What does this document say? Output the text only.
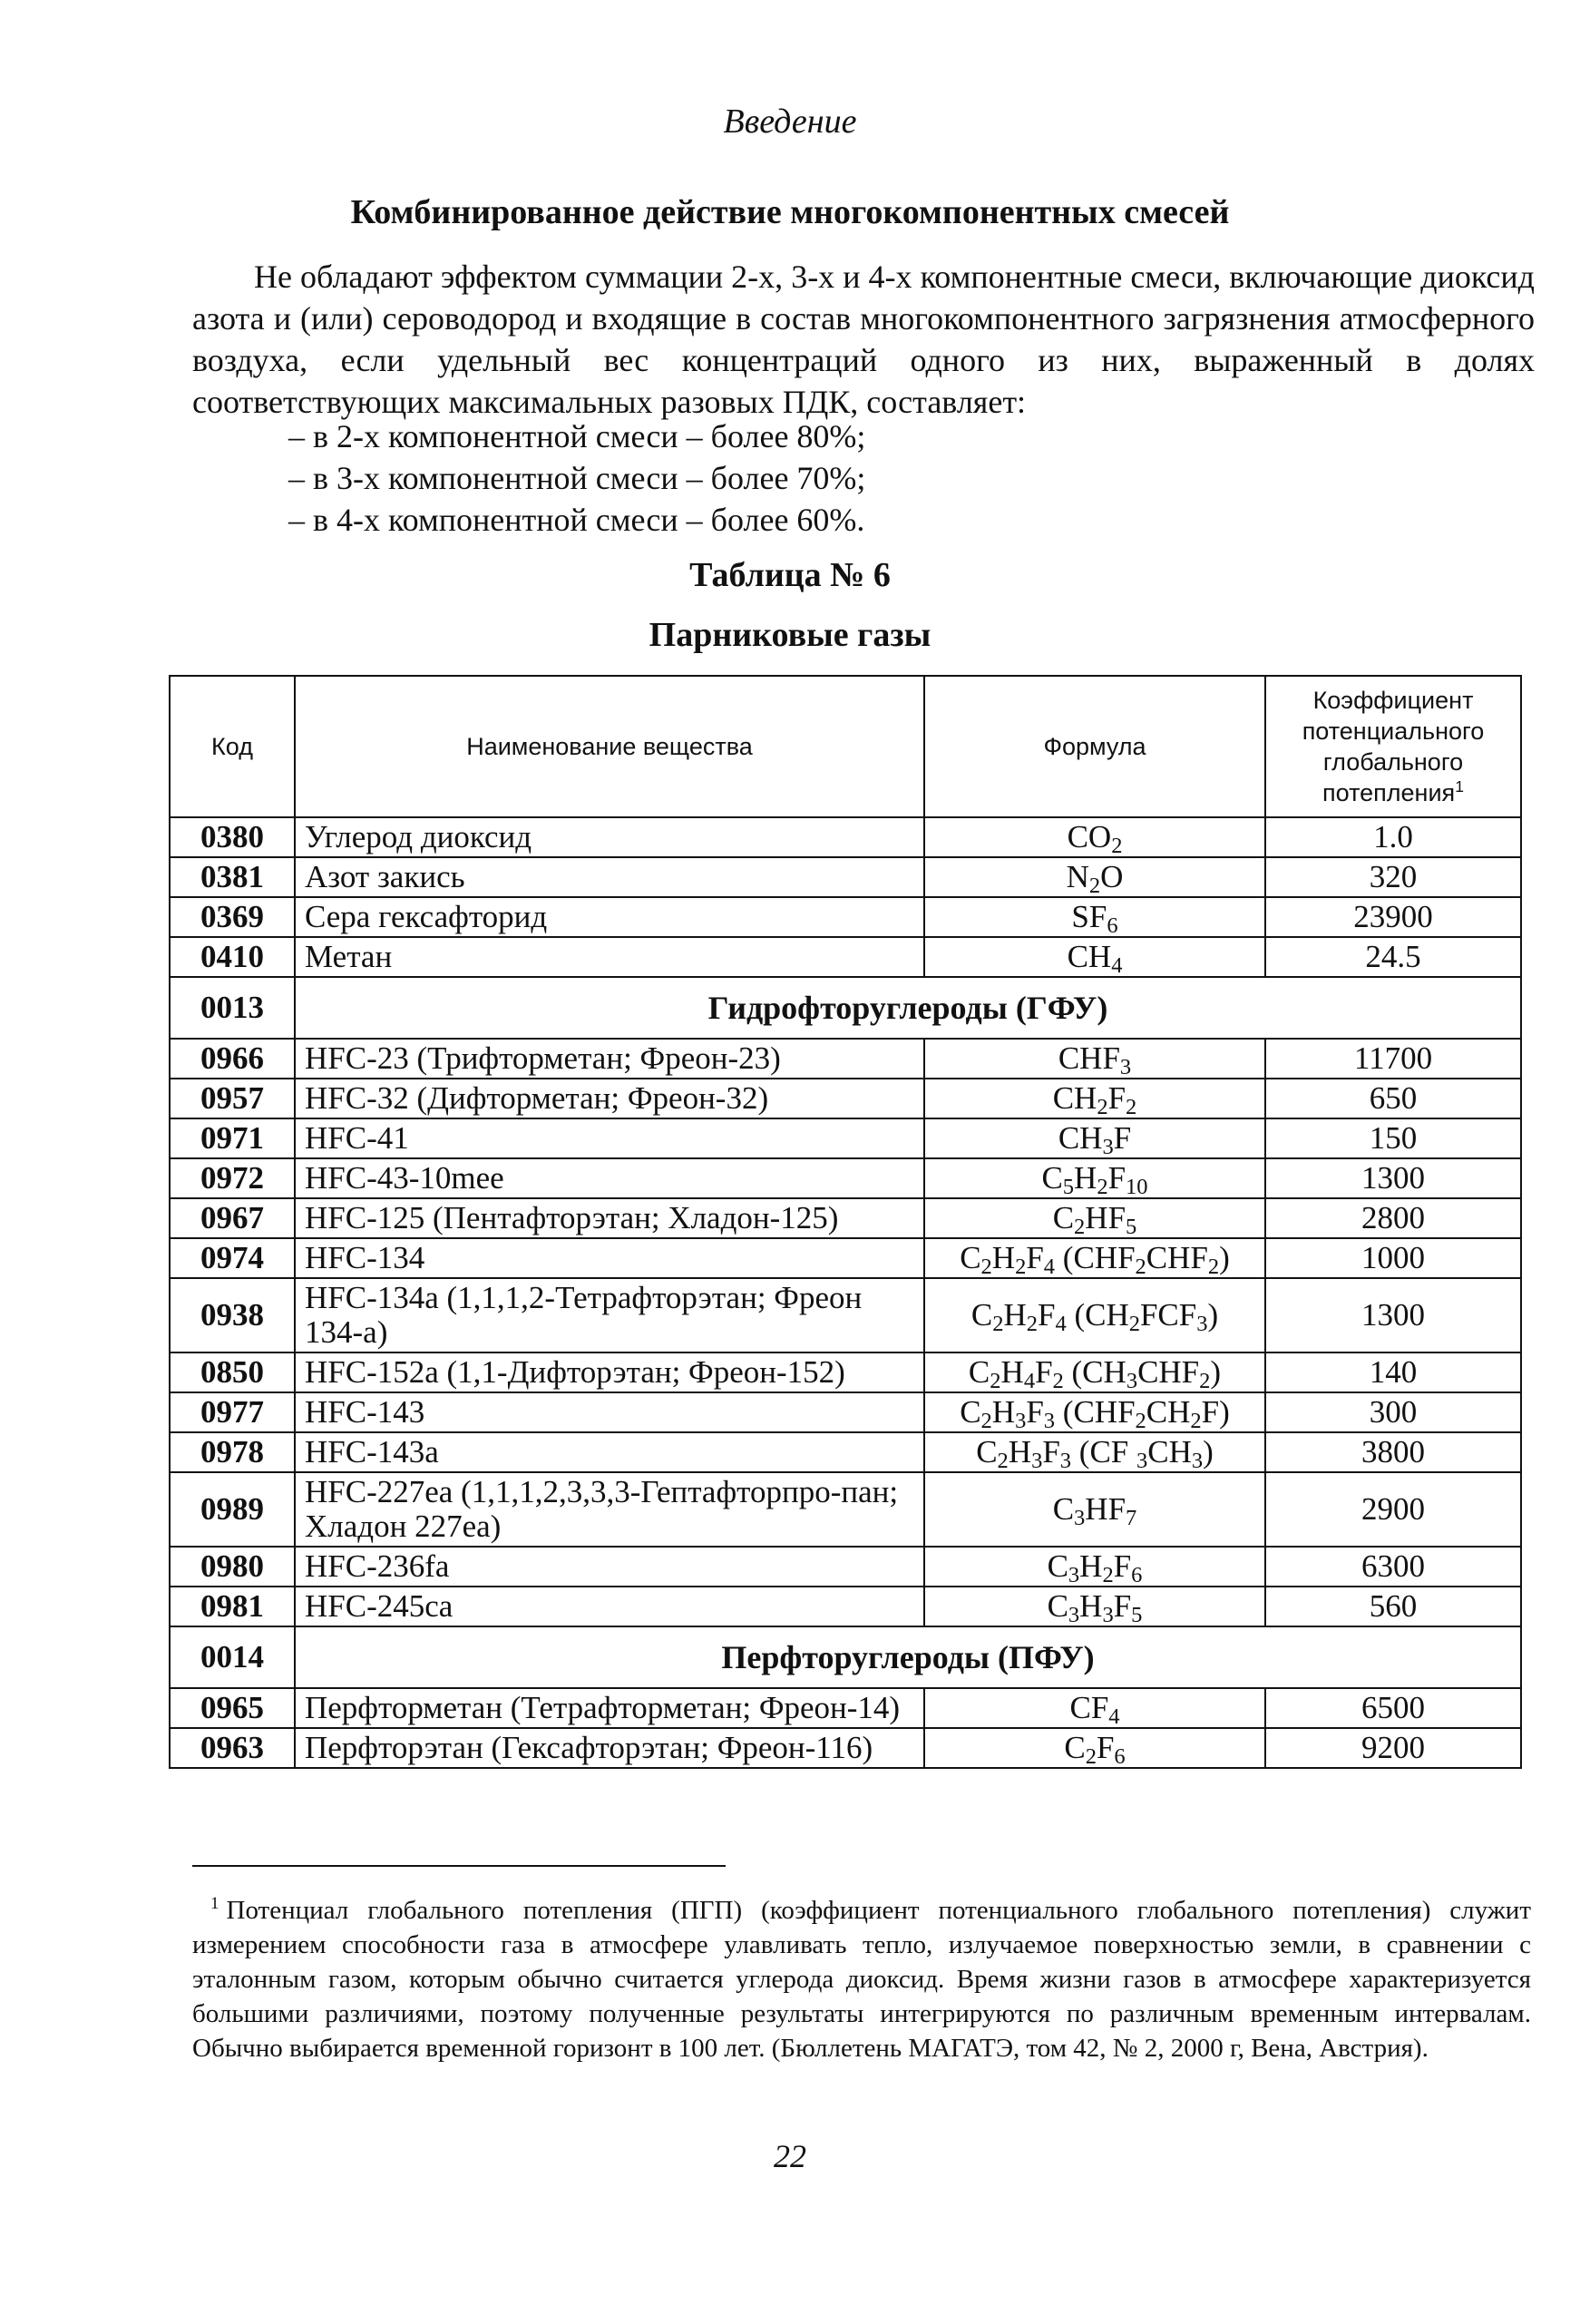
Введение
Комбинированное действие многокомпонентных смесей

Не обладают эффектом суммации 2-х, 3-х и 4-х компонентные смеси, включающие диоксид азота и (или) сероводород и входящие в состав многокомпонентного загрязнения атмосферного воздуха, если удельный вес концентраций одного из них, выраженный в долях соответствующих максимальных разовых ПДК, составляет:

– в 2-х компонентной смеси – более 80%;
– в 3-х компонентной смеси – более 70%;
– в 4-х компонентной смеси – более 60%.
Таблица № 6
Парниковые газы
Код	Наименование вещества	Формула	Коэффициент потенциального глобального потепления$^1$
0380	Углерод диоксид	$CO_2$	1.0
0381	Азот закись	$N_2O$	320
0369	Сера гексафторид	$SF_6$	23900
0410	Метан	$CH_4$	24.5
0013	Гидрофторуглероды (ГФУ)		
0966	HFC-23 (Трифторметан; Фреон-23)	$CHF_3$	11700
0957	HFC-32 (Дифторметан; Фреон-32)	$CH_2F_2$	650
0971	HFC-41	$CH_3F$	150
0972	HFC-43-10mee	$C_5H_2F_{10}$	1300
0967	HFC-125 (Пентафторэтан; Хладон-125)	$C_2HF_5$	2800
0974	HFC-134	$C_2H_2F_4$ $(CHF_2CHF_2)$	1000
0938	HFC-134a (1,1,1,2-Тетрафторэтан; Фреон 134-а)	$C_2H_2F_4$ $(CH_2FCF_3)$	1300
0850	HFC-152a (1,1-Дифторэтан; Фреон-152)	$C_2H_4F_2$ $(CH_3CHF_2)$	140
0977	HFC-143	$C_2H_3F_3$ $(CHF_2CH_2F)$	300
0978	HFC-143a	$C_2H_3F_3$ (CF $_3CH_3$)	3800
0989	HFC-227ea (1,1,1,2,3,3,3-Гептафторпро-пан; Хладон 227ea)	$C_3HF_7$	2900
0980	HFC-236fa	$C_3H_2F_6$	6300
0981	HFC-245ca	$C_3H_3F_5$	560
0014	Перфторуглероды (ПФУ)		
0965	Перфторметан (Тетрафторметан; Фреон-14)	$CF_4$	6500
0963	Перфторэтан (Гексафторэтан; Фреон-116)	$C_2F_6$	9200
$^1$ Потенциал глобального потепления (ПГП) (коэффициент потенциального глобального потепления) служит измерением способности газа в атмосфере улавливать тепло, излучаемое поверхностью земли, в сравнении с эталонным газом, которым обычно считается углерода диоксид. Время жизни газов в атмосфере характеризуется большими различиями, поэтому полученные результаты интегрируются по различным временным интервалам. Обычно выбирается временной горизонт в 100 лет. (Бюллетень МАГАТЭ, том 42, № 2, 2000 г, Вена, Австрия).
22
